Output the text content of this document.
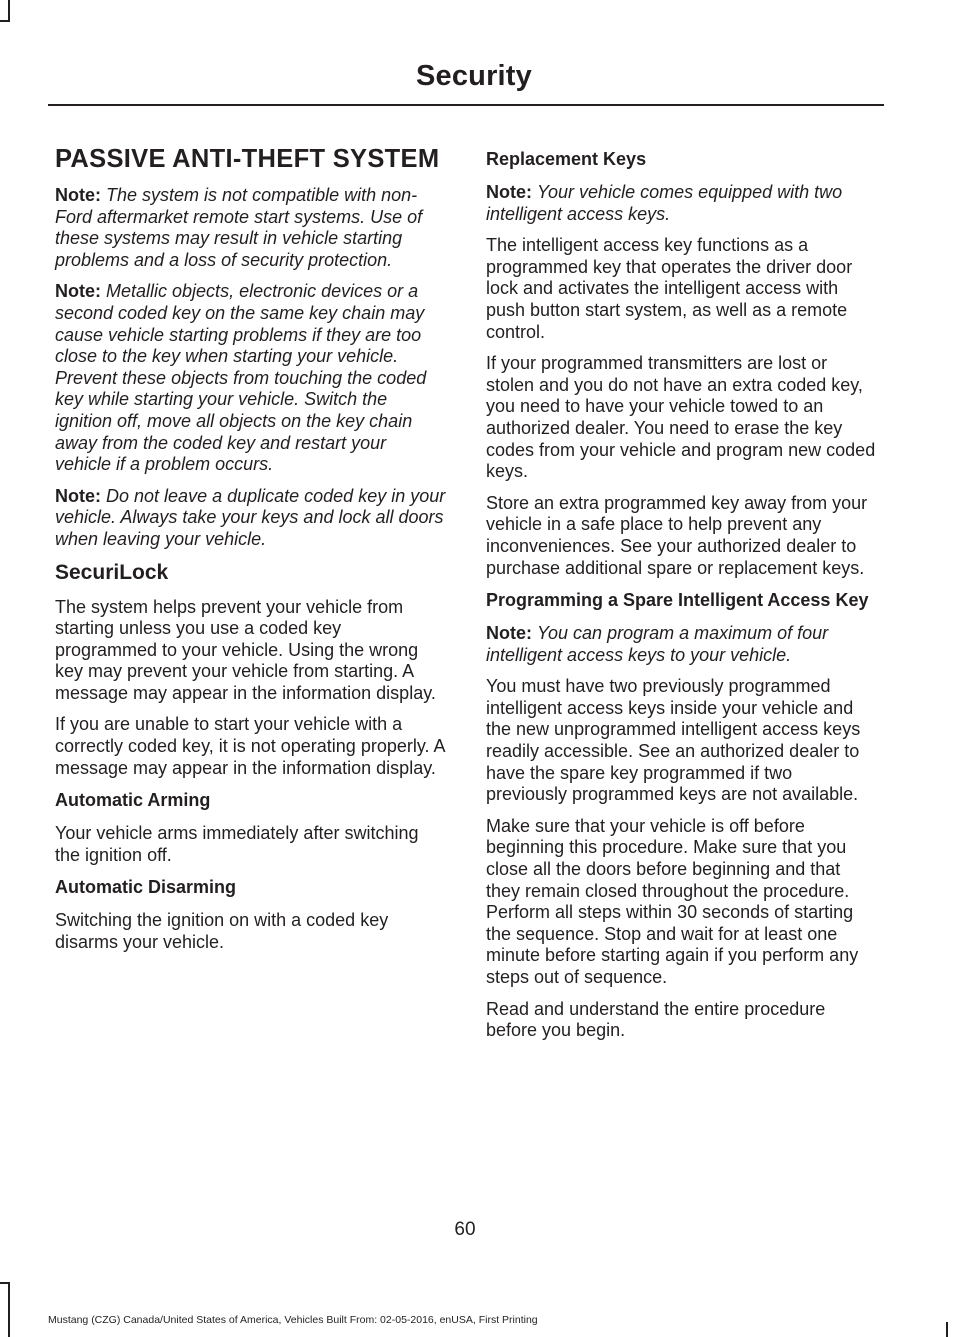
Security
PASSIVE ANTI-THEFT SYSTEM

Note: The system is not compatible with non-Ford aftermarket remote start systems. Use of these systems may result in vehicle starting problems and a loss of security protection.

Note: Metallic objects, electronic devices or a second coded key on the same key chain may cause vehicle starting problems if they are too close to the key when starting your vehicle. Prevent these objects from touching the coded key while starting your vehicle. Switch the ignition off, move all objects on the key chain away from the coded key and restart your vehicle if a problem occurs.

Note: Do not leave a duplicate coded key in your vehicle. Always take your keys and lock all doors when leaving your vehicle.

SecuriLock

The system helps prevent your vehicle from starting unless you use a coded key programmed to your vehicle. Using the wrong key may prevent your vehicle from starting. A message may appear in the information display.

If you are unable to start your vehicle with a correctly coded key, it is not operating properly. A message may appear in the information display.

Automatic Arming

Your vehicle arms immediately after switching the ignition off.

Automatic Disarming

Switching the ignition on with a coded key disarms your vehicle.

Replacement Keys

Note: Your vehicle comes equipped with two intelligent access keys.

The intelligent access key functions as a programmed key that operates the driver door lock and activates the intelligent access with push button start system, as well as a remote control.

If your programmed transmitters are lost or stolen and you do not have an extra coded key, you need to have your vehicle towed to an authorized dealer. You need to erase the key codes from your vehicle and program new coded keys.

Store an extra programmed key away from your vehicle in a safe place to help prevent any inconveniences. See your authorized dealer to purchase additional spare or replacement keys.

Programming a Spare Intelligent Access Key

Note: You can program a maximum of four intelligent access keys to your vehicle.

You must have two previously programmed intelligent access keys inside your vehicle and the new unprogrammed intelligent access keys readily accessible. See an authorized dealer to have the spare key programmed if two previously programmed keys are not available.

Make sure that your vehicle is off before beginning this procedure. Make sure that you close all the doors before beginning and that they remain closed throughout the procedure. Perform all steps within 30 seconds of starting the sequence. Stop and wait for at least one minute before starting again if you perform any steps out of sequence.

Read and understand the entire procedure before you begin.

60
Mustang (CZG) Canada/United States of America, Vehicles Built From: 02-05-2016, enUSA, First Printing
